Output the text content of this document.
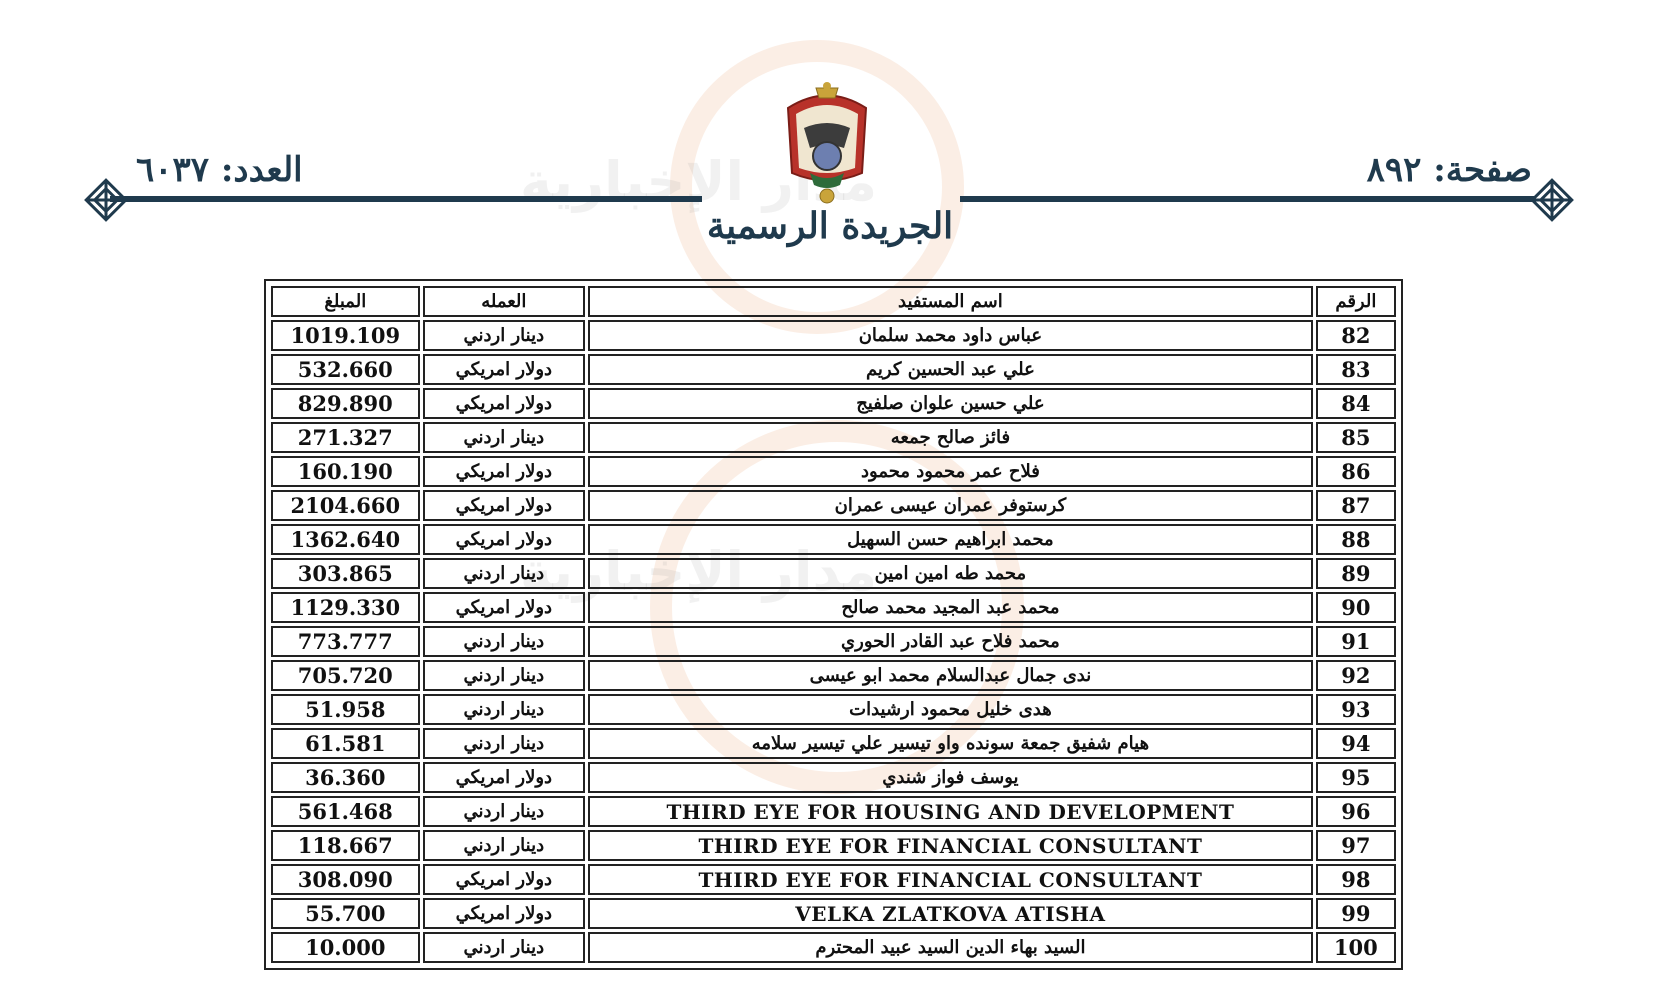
مدار الإخبارية
مدار الإخبارية
صفحة: ٨٩٢
العدد: ٦٠٣٧
الجريدة الرسمية
المبلغ	العمله	اسم المستفيد	الرقم
1019.109	دينار اردني	عباس داود محمد سلمان	82
532.660	دولار امريكي	علي عبد الحسين كريم	83
829.890	دولار امريكي	علي حسين علوان صلفيج	84
271.327	دينار اردني	فائز صالح جمعه	85
160.190	دولار امريكي	فلاح عمر محمود محمود	86
2104.660	دولار امريكي	كرستوفر عمران عيسى عمران	87
1362.640	دولار امريكي	محمد ابراهيم حسن السهيل	88
303.865	دينار اردني	محمد طه امين امين	89
1129.330	دولار امريكي	محمد عبد المجيد محمد صالح	90
773.777	دينار اردني	محمد فلاح عبد القادر الحوري	91
705.720	دينار اردني	ندى جمال عبدالسلام محمد ابو عيسى	92
51.958	دينار اردني	هدى خليل محمود ارشيدات	93
61.581	دينار اردني	هيام شفيق جمعة سونده واو تيسير علي تيسير سلامه	94
36.360	دولار امريكي	يوسف فواز شندي	95
561.468	دينار اردني	THIRD EYE FOR HOUSING AND DEVELOPMENT	96
118.667	دينار اردني	THIRD EYE FOR FINANCIAL CONSULTANT	97
308.090	دولار امريكي	THIRD EYE FOR FINANCIAL CONSULTANT	98
55.700	دولار امريكي	VELKA ZLATKOVA ATISHA	99
10.000	دينار اردني	السيد بهاء الدين السيد عبيد المحترم	100
